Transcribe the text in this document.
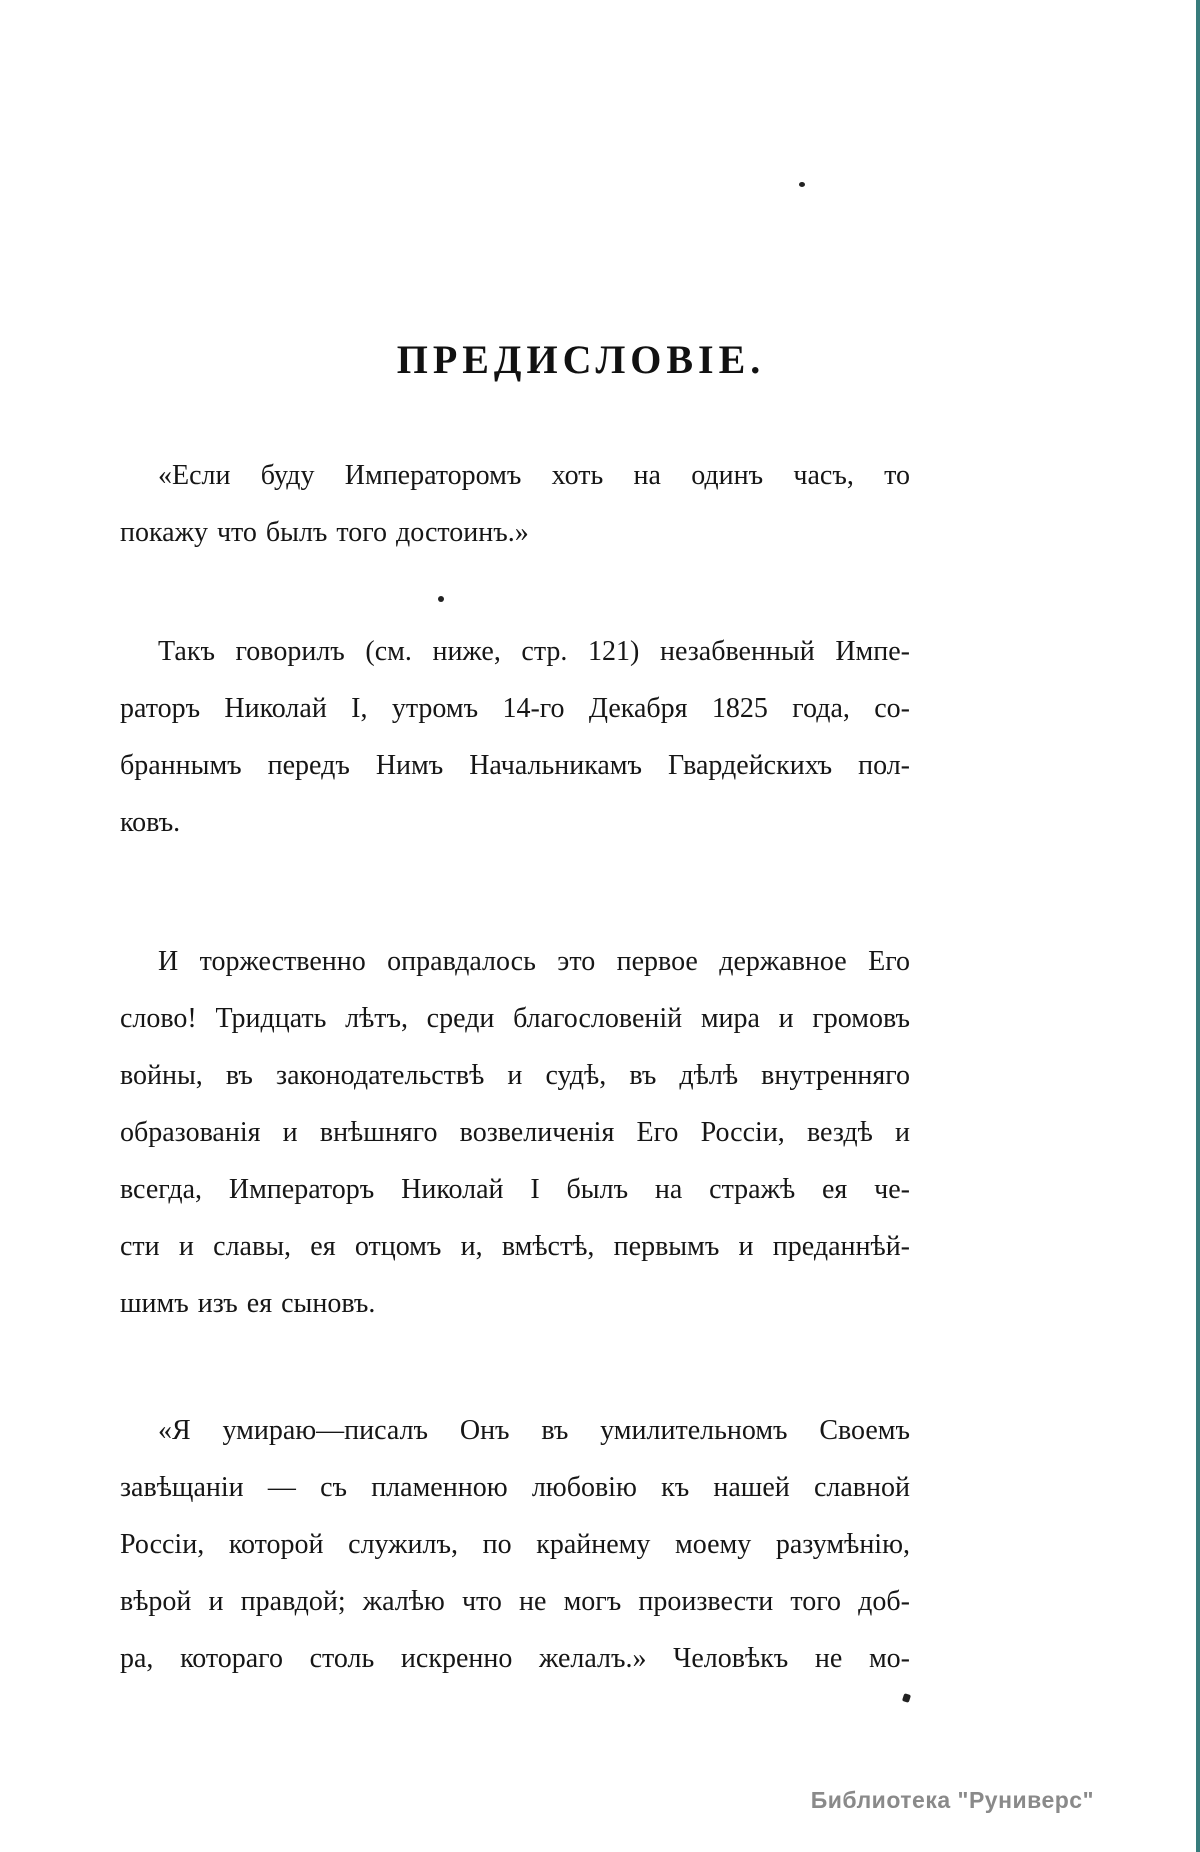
ПРЕДИСЛОВІЕ.
«Если буду Императоромъ хоть на одинъ часъ, то
покажу что былъ того достоинъ.»
Такъ говорилъ (см. ниже, стр. 121) незабвенный Импе-
раторъ Николай I, утромъ 14-го Декабря 1825 года, со-
браннымъ передъ Нимъ Начальникамъ Гвардейскихъ пол-
ковъ.
И торжественно оправдалось это первое державное Его
слово! Тридцать лѣтъ, среди благословеній мира и громовъ
войны, въ законодательствѣ и судѣ, въ дѣлѣ внутренняго
образованія и внѣшняго возвеличенія Его Россіи, вездѣ и
всегда, Императоръ Николай I былъ на стражѣ ея че-
сти и славы, ея отцомъ и, вмѣстѣ, первымъ и преданнѣй-
шимъ изъ ея сыновъ.
«Я умираю—писалъ Онъ въ умилительномъ Своемъ
завѣщаніи — съ пламенною любовію къ нашей славной
Россіи, которой служилъ, по крайнему моему разумѣнію,
вѣрой и правдой; жалѣю что не могъ произвести того доб-
ра, котораго столь искренно желалъ.» Человѣкъ не мо-
Библиотека "Руниверс"
